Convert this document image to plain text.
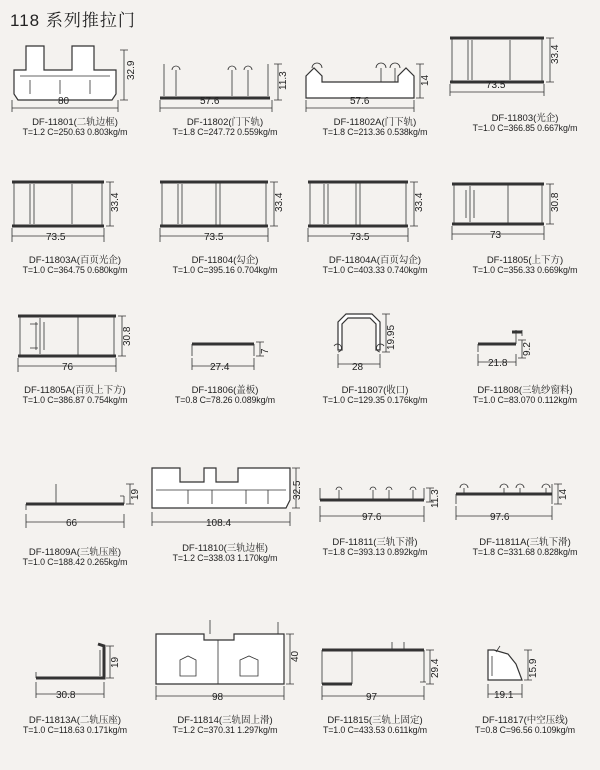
118 系列推拉门
80
32.9
DF-11801(二轨边框)
T=1.2 C=250.63 0.803kg/m
57.6
11.3
DF-11802(门下轨)
T=1.8 C=247.72 0.559kg/m
57.6
14
DF-11802A(门下轨)
T=1.8 C=213.36 0.538kg/m
73.5
33.4
DF-11803(光企)
T=1.0 C=366.85 0.667kg/m
73.5
33.4
DF-11803A(百页光企)
T=1.0 C=364.75 0.680kg/m
73.5
33.4
DF-11804(勾企)
T=1.0 C=395.16 0.704kg/m
73.5
33.4
DF-11804A(百页勾企)
T=1.0 C=403.33 0.740kg/m
73
30.8
DF-11805(上下方)
T=1.0 C=356.33 0.669kg/m
76
30.8
DF-11805A(百页上下方)
T=1.0 C=386.87 0.754kg/m
27.4
7
DF-11806(盖板)
T=0.8 C=78.26 0.089kg/m
28
19.95
DF-11807(收口)
T=1.0 C=129.35 0.176kg/m
21.8
9.2
DF-11808(三轨纱窗料)
T=1.0 C=83.070 0.112kg/m
66
19
DF-11809A(三轨压座)
T=1.0 C=188.42 0.265kg/m
108.4
32.5
DF-11810(三轨边框)
T=1.2 C=338.03 1.170kg/m
97.6
11.3
DF-11811(三轨下滑)
T=1.8 C=393.13 0.892kg/m
97.6
14
DF-11811A(三轨下滑)
T=1.8 C=331.68 0.828kg/m
30.8
19
DF-11813A(二轨压座)
T=1.0 C=118.63 0.171kg/m
98
40
DF-11814(三轨固上滑)
T=1.2 C=370.31 1.297kg/m
97
29.4
DF-11815(三轨上固定)
T=1.0 C=433.53 0.611kg/m
19.1
15.9
DF-11817(中空压线)
T=0.8 C=96.56 0.109kg/m
